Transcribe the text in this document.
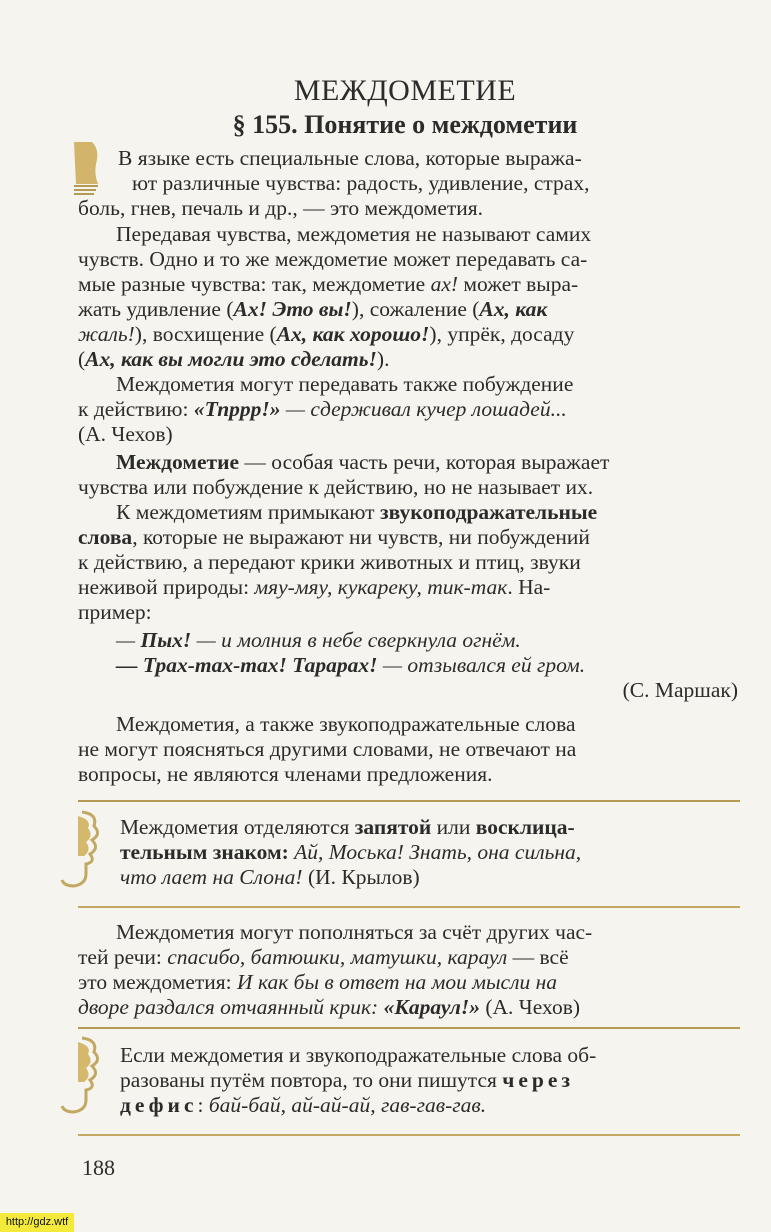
МЕЖДОМЕТИЕ
§ 155. Понятие о междометии
В языке есть специальные слова, которые выража-
ют различные чувства: радость, удивление, страх,
боль, гнев, печаль и др., — это междометия.
Передавая чувства, междометия не называют самих
чувств. Одно и то же междометие может передавать са-
мые разные чувства: так, междометие ах! может выра-
жать удивление (Ах! Это вы!), сожаление (Ах, как
жаль!), восхищение (Ах, как хорошо!), упрёк, досаду
(Ах, как вы могли это сделать!).
Междометия могут передавать также побуждение
к действию: «Тпррр!» — сдерживал кучер лошадей...
(А. Чехов)
Междометие — особая часть речи, которая выражает
чувства или побуждение к действию, но не называет их.
К междометиям примыкают звукоподражательные
слова, которые не выражают ни чувств, ни побуждений
к действию, а передают крики животных и птиц, звуки
неживой природы: мяу-мяу, кукареку, тик-так. На-
пример:
— Пых! — и молния в небе сверкнула огнём.
— Трах-тах-тах! Тарарах! — отзывался ей гром.
(С. Маршак)
Междометия, а также звукоподражательные слова
не могут поясняться другими словами, не отвечают на
вопросы, не являются членами предложения.
Междометия отделяются запятой или восклица-
тельным знаком: Ай, Моська! Знать, она сильна,
что лает на Слона! (И. Крылов)
Междометия могут пополняться за счёт других час-
тей речи: спасибо, батюшки, матушки, караул — всё
это междометия: И как бы в ответ на мои мысли на
дворе раздался отчаянный крик: «Караул!» (А. Чехов)
Если междометия и звукоподражательные слова об-
разованы путём повтора, то они пишутся через
дефис: бай-бай, ай-ай-ай, гав-гав-гав.
188
http://gdz.wtf
